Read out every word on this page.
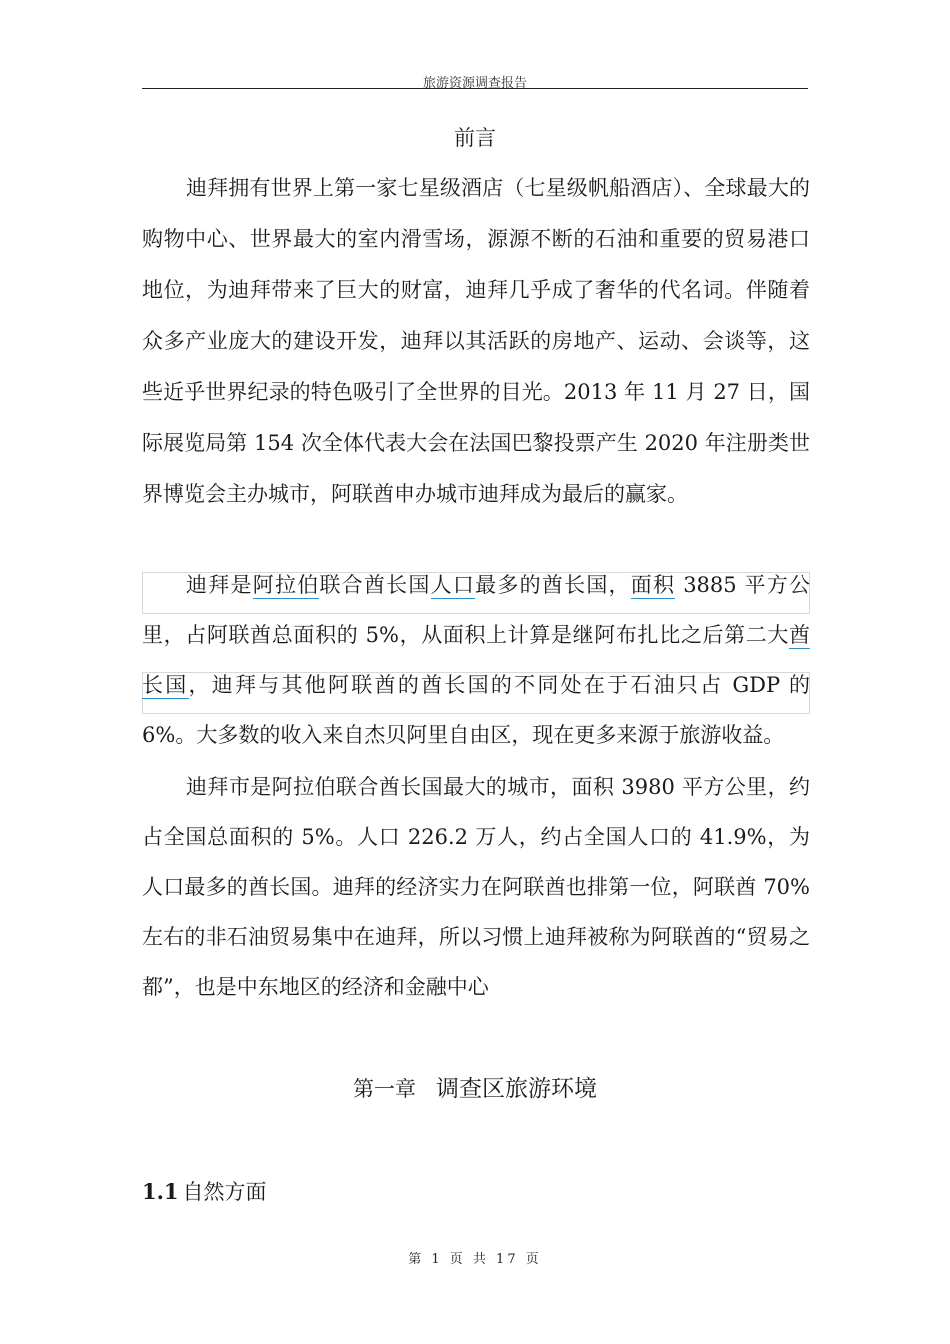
旅游资源调查报告
前言

迪拜拥有世界上第一家七星级酒店（七星级帆船酒店）、全球最大的购物中心、世界最大的室内滑雪场，源源不断的石油和重要的贸易港口地位，为迪拜带来了巨大的财富，迪拜几乎成了奢华的代名词。伴随着众多产业庞大的建设开发，迪拜以其活跃的房地产、运动、会谈等，这些近乎世界纪录的特色吸引了全世界的目光。2013 年 11 月 27 日，国际展览局第 154 次全体代表大会在法国巴黎投票产生 2020 年注册类世界博览会主办城市，阿联酋申办城市迪拜成为最后的赢家。

迪拜是阿拉伯联合酋长国人口最多的酋长国，面积 3885 平方公里，占阿联酋总面积的 5%，从面积上计算是继阿布扎比之后第二大酋长国，迪拜与其他阿联酋的酋长国的不同处在于石油只占 GDP 的 6%。大多数的收入来自杰贝阿里自由区，现在更多来源于旅游收益。

迪拜市是阿拉伯联合酋长国最大的城市，面积 3980 平方公里，约占全国总面积的 5%。人口 226.2 万人，约占全国人口的 41.9%，为人口最多的酋长国。迪拜的经济实力在阿联酋也排第一位，阿联酋 70%左右的非石油贸易集中在迪拜，所以习惯上迪拜被称为阿联酋的“贸易之都”，也是中东地区的经济和金融中心

第一章 调查区旅游环境
1.1 自然方面
第 1 页 共 17 页
